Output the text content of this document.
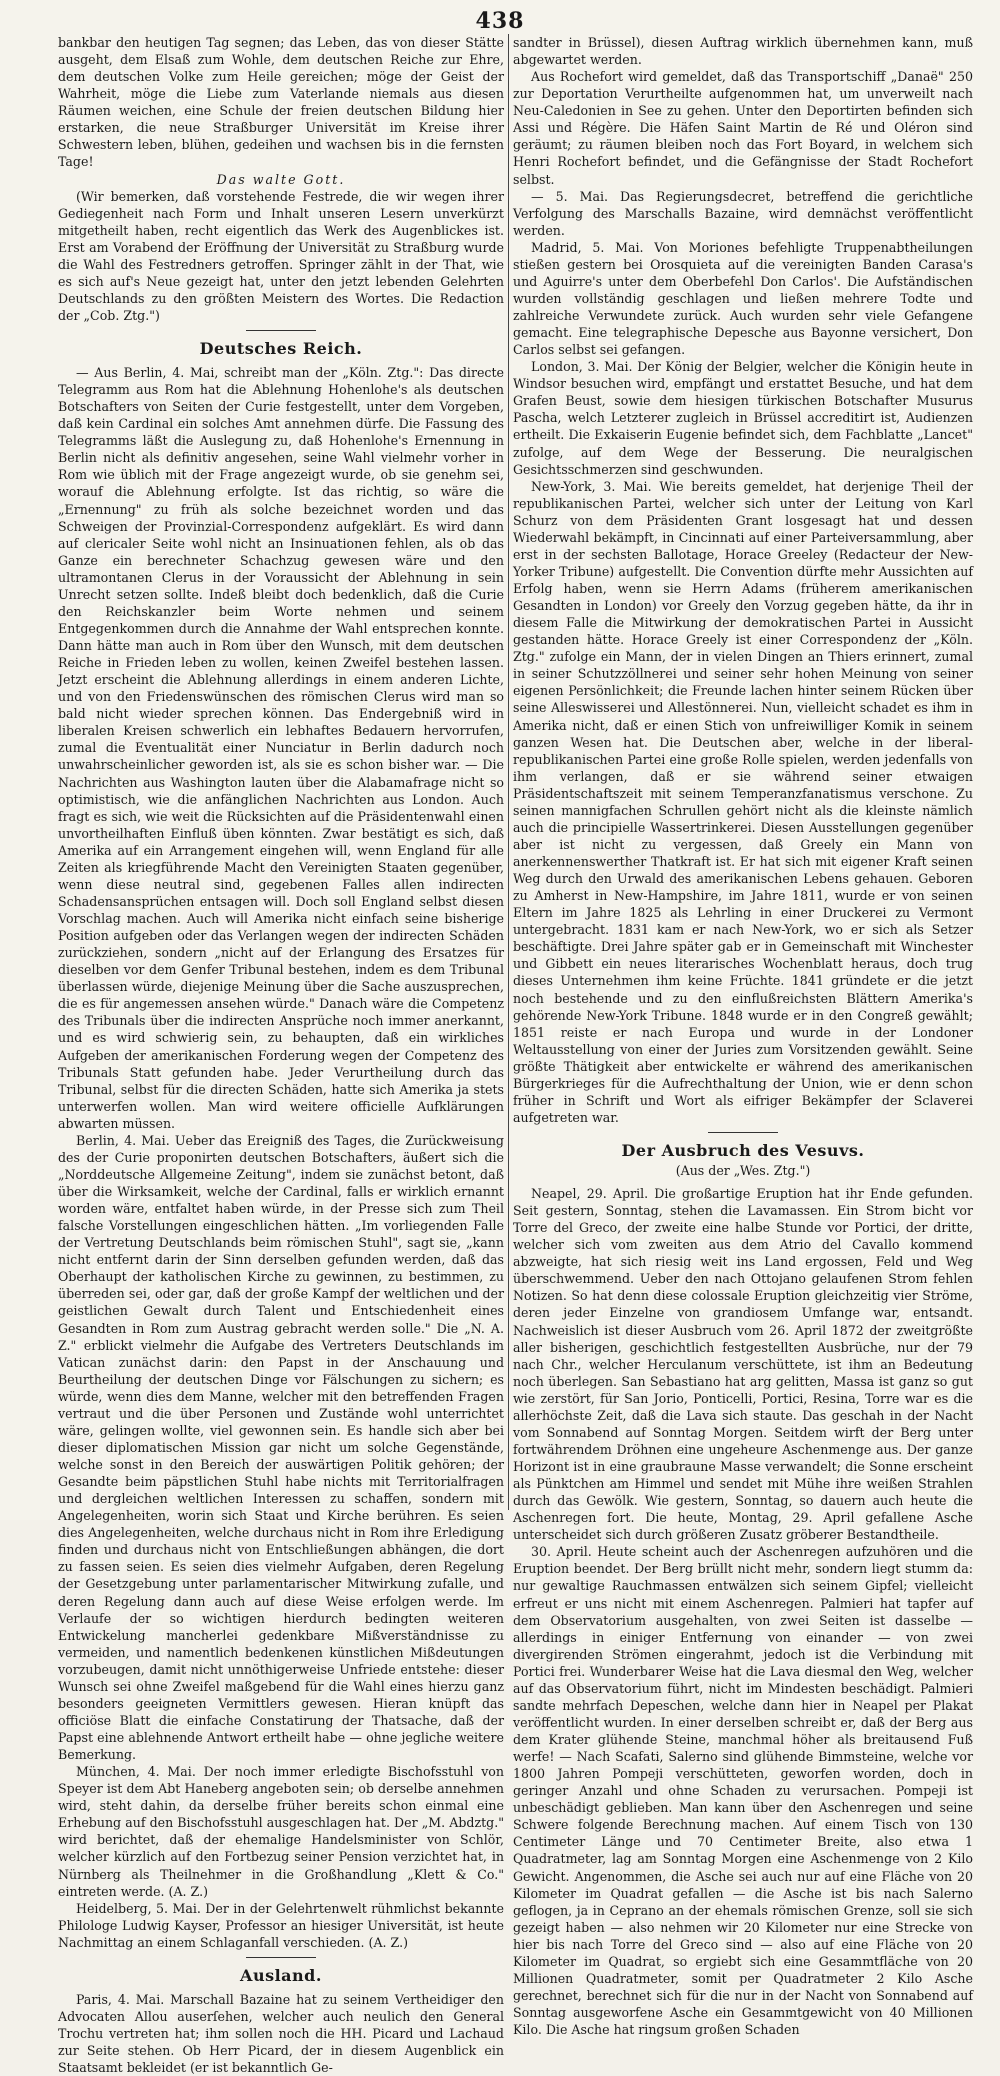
438

bankbar den heutigen Tag segnen; das Leben, das von dieser Stätte ausgeht, dem Elsaß zum Wohle, dem deutschen Reiche zur Ehre, dem deutschen Volke zum Heile gereichen; möge der Geist der Wahrheit, möge die Liebe zum Vaterlande niemals aus diesen Räumen weichen, eine Schule der freien deutschen Bildung hier erstarken, die neue Straßburger Universität im Kreise ihrer Schwestern leben, blühen, gedeihen und wachsen bis in die fernsten Tage!

Das walte Gott.

(Wir bemerken, daß vorstehende Festrede, die wir wegen ihrer Gediegenheit nach Form und Inhalt unseren Lesern unverkürzt mitgetheilt haben, recht eigentlich das Werk des Augenblickes ist. Erst am Vorabend der Eröffnung der Universität zu Straßburg wurde die Wahl des Festredners getroffen. Springer zählt in der That, wie es sich auf's Neue gezeigt hat, unter den jetzt lebenden Gelehrten Deutschlands zu den größten Meistern des Wortes. Die Redaction der „Cob. Ztg.")

Deutsches Reich.

— Aus Berlin, 4. Mai, schreibt man der „Köln. Ztg.": Das directe Telegramm aus Rom hat die Ablehnung Hohenlohe's als deutschen Botschafters von Seiten der Curie festgestellt, unter dem Vorgeben, daß kein Cardinal ein solches Amt annehmen dürfe. Die Fassung des Telegramms läßt die Auslegung zu, daß Hohenlohe's Ernennung in Berlin nicht als definitiv angesehen, seine Wahl vielmehr vorher in Rom wie üblich mit der Frage angezeigt wurde, ob sie genehm sei, worauf die Ablehnung erfolgte. Ist das richtig, so wäre die „Ernennung" zu früh als solche bezeichnet worden und das Schweigen der Provinzial-Correspondenz aufgeklärt. Es wird dann auf clericaler Seite wohl nicht an Insinuationen fehlen, als ob das Ganze ein berechneter Schachzug gewesen wäre und den ultramontanen Clerus in der Voraussicht der Ablehnung in sein Unrecht setzen sollte. Indeß bleibt doch bedenklich, daß die Curie den Reichskanzler beim Worte nehmen und seinem Entgegenkommen durch die Annahme der Wahl entsprechen konnte. Dann hätte man auch in Rom über den Wunsch, mit dem deutschen Reiche in Frieden leben zu wollen, keinen Zweifel bestehen lassen. Jetzt erscheint die Ablehnung allerdings in einem anderen Lichte, und von den Friedenswünschen des römischen Clerus wird man so bald nicht wieder sprechen können. Das Endergebniß wird in liberalen Kreisen schwerlich ein lebhaftes Bedauern hervorrufen, zumal die Eventualität einer Nunciatur in Berlin dadurch noch unwahrscheinlicher geworden ist, als sie es schon bisher war. — Die Nachrichten aus Washington lauten über die Alabamafrage nicht so optimistisch, wie die anfänglichen Nachrichten aus London. Auch fragt es sich, wie weit die Rücksichten auf die Präsidentenwahl einen unvortheilhaften Einfluß üben könnten. Zwar bestätigt es sich, daß Amerika auf ein Arrangement eingehen will, wenn England für alle Zeiten als kriegführende Macht den Vereinigten Staaten gegenüber, wenn diese neutral sind, gegebenen Falles allen indirecten Schadensansprüchen entsagen will. Doch soll England selbst diesen Vorschlag machen. Auch will Amerika nicht einfach seine bisherige Position aufgeben oder das Verlangen wegen der indirecten Schäden zurückziehen, sondern „nicht auf der Erlangung des Ersatzes für dieselben vor dem Genfer Tribunal bestehen, indem es dem Tribunal überlassen würde, diejenige Meinung über die Sache auszusprechen, die es für angemessen ansehen würde." Danach wäre die Competenz des Tribunals über die indirecten Ansprüche noch immer anerkannt, und es wird schwierig sein, zu behaupten, daß ein wirkliches Aufgeben der amerikanischen Forderung wegen der Competenz des Tribunals Statt gefunden habe. Jeder Verurtheilung durch das Tribunal, selbst für die directen Schäden, hatte sich Amerika ja stets unterwerfen wollen. Man wird weitere officielle Aufklärungen abwarten müssen.

Berlin, 4. Mai. Ueber das Ereigniß des Tages, die Zurückweisung des der Curie proponirten deutschen Botschafters, äußert sich die „Norddeutsche Allgemeine Zeitung", indem sie zunächst betont, daß über die Wirksamkeit, welche der Cardinal, falls er wirklich ernannt worden wäre, entfaltet haben würde, in der Presse sich zum Theil falsche Vorstellungen eingeschlichen hätten. „Im vorliegenden Falle der Vertretung Deutschlands beim römischen Stuhl", sagt sie, „kann nicht entfernt darin der Sinn derselben gefunden werden, daß das Oberhaupt der katholischen Kirche zu gewinnen, zu bestimmen, zu überreden sei, oder gar, daß der große Kampf der weltlichen und der geistlichen Gewalt durch Talent und Entschiedenheit eines Gesandten in Rom zum Austrag gebracht werden solle." Die „N. A. Z." erblickt vielmehr die Aufgabe des Vertreters Deutschlands im Vatican zunächst darin: den Papst in der Anschauung und Beurtheilung der deutschen Dinge vor Fälschungen zu sichern; es würde, wenn dies dem Manne, welcher mit den betreffenden Fragen vertraut und die über Personen und Zustände wohl unterrichtet wäre, gelingen wollte, viel gewonnen sein. Es handle sich aber bei dieser diplomatischen Mission gar nicht um solche Gegenstände, welche sonst in den Bereich der auswärtigen Politik gehören; der Gesandte beim päpstlichen Stuhl habe nichts mit Territorialfragen und dergleichen weltlichen Interessen zu schaffen, sondern mit Angelegenheiten, worin sich Staat und Kirche berühren. Es seien dies Angelegenheiten, welche durchaus nicht in Rom ihre Erledigung finden und durchaus nicht von Entschließungen abhängen, die dort zu fassen seien. Es seien dies vielmehr Aufgaben, deren Regelung der Gesetzgebung unter parlamentarischer Mitwirkung zufalle, und deren Regelung dann auch auf diese Weise erfolgen werde. Im Verlaufe der so wichtigen hierdurch bedingten weiteren Entwickelung mancherlei gedenkbare Mißverständnisse zu vermeiden, und namentlich bedenkenen künstlichen Mißdeutungen vorzubeugen, damit nicht unnöthigerweise Unfriede entstehe: dieser Wunsch sei ohne Zweifel maßgebend für die Wahl eines hierzu ganz besonders geeigneten Vermittlers gewesen. Hieran knüpft das officiöse Blatt die einfache Constatirung der Thatsache, daß der Papst eine ablehnende Antwort ertheilt habe — ohne jegliche weitere Bemerkung.

München, 4. Mai. Der noch immer erledigte Bischofsstuhl von Speyer ist dem Abt Haneberg angeboten sein; ob derselbe annehmen wird, steht dahin, da derselbe früher bereits schon einmal eine Erhebung auf den Bischofsstuhl ausgeschlagen hat. Der „M. Abdztg." wird berichtet, daß der ehemalige Handelsminister von Schlör, welcher kürzlich auf den Fortbezug seiner Pension verzichtet hat, in Nürnberg als Theilnehmer in die Großhandlung „Klett & Co." eintreten werde. (A. Z.)

Heidelberg, 5. Mai. Der in der Gelehrtenwelt rühmlichst bekannte Philologe Ludwig Kayser, Professor an hiesiger Universität, ist heute Nachmittag an einem Schlaganfall verschieden. (A. Z.)

Ausland.

Paris, 4. Mai. Marschall Bazaine hat zu seinem Vertheidiger den Advocaten Allou auserſehen, welcher auch neulich den General Trochu vertreten hat; ihm sollen noch die HH. Picard und Lachaud zur Seite stehen. Ob Herr Picard, der in diesem Augenblick ein Staatsamt bekleidet (er ist bekanntlich Ge-

sandter in Brüssel), diesen Auftrag wirklich übernehmen kann, muß abgewartet werden.

Aus Rochefort wird gemeldet, daß das Transportschiff „Danaë" 250 zur Deportation Verurtheilte aufgenommen hat, um unverweilt nach Neu-Caledonien in See zu gehen. Unter den Deportirten befinden sich Assi und Régère. Die Häfen Saint Martin de Ré und Oléron sind geräumt; zu räumen bleiben noch das Fort Boyard, in welchem sich Henri Rochefort befindet, und die Gefängnisse der Stadt Rochefort selbst.

— 5. Mai. Das Regierungsdecret, betreffend die gerichtliche Verfolgung des Marschalls Bazaine, wird demnächst veröffentlicht werden.

Madrid, 5. Mai. Von Moriones befehligte Truppenabtheilungen stießen gestern bei Orosquieta auf die vereinigten Banden Carasa's und Aguirre's unter dem Oberbefehl Don Carlos'. Die Aufständischen wurden vollständig geschlagen und ließen mehrere Todte und zahlreiche Verwundete zurück. Auch wurden sehr viele Gefangene gemacht. Eine telegraphische Depesche aus Bayonne versichert, Don Carlos selbst sei gefangen.

London, 3. Mai. Der König der Belgier, welcher die Königin heute in Windsor besuchen wird, empfängt und erstattet Besuche, und hat dem Grafen Beust, sowie dem hiesigen türkischen Botschafter Musurus Pascha, welch Letzterer zugleich in Brüssel accreditirt ist, Audienzen ertheilt. Die Exkaiserin Eugenie befindet sich, dem Fachblatte „Lancet" zufolge, auf dem Wege der Besserung. Die neuralgischen Gesichtsschmerzen sind geschwunden.

New-York, 3. Mai. Wie bereits gemeldet, hat derjenige Theil der republikanischen Partei, welcher sich unter der Leitung von Karl Schurz von dem Präsidenten Grant losgesagt hat und dessen Wiederwahl bekämpft, in Cincinnati auf einer Parteiversammlung, aber erst in der sechsten Ballotage, Horace Greeley (Redacteur der New-Yorker Tribune) aufgestellt. Die Convention dürfte mehr Aussichten auf Erfolg haben, wenn sie Herrn Adams (früherem amerikanischen Gesandten in London) vor Greely den Vorzug gegeben hätte, da ihr in diesem Falle die Mitwirkung der demokratischen Partei in Aussicht gestanden hätte. Horace Greely ist einer Correspondenz der „Köln. Ztg." zufolge ein Mann, der in vielen Dingen an Thiers erinnert, zumal in seiner Schutzzöllnerei und seiner sehr hohen Meinung von seiner eigenen Persönlichkeit; die Freunde lachen hinter seinem Rücken über seine Alleswisserei und Allestönnerei. Nun, vielleicht schadet es ihm in Amerika nicht, daß er einen Stich von unfreiwilliger Komik in seinem ganzen Wesen hat. Die Deutschen aber, welche in der liberal-republikanischen Partei eine große Rolle spielen, werden jedenfalls von ihm verlangen, daß er sie während seiner etwaigen Präsidentschaftszeit mit seinem Temperanzfanatismus verschone. Zu seinen mannigfachen Schrullen gehört nicht als die kleinste nämlich auch die principielle Wassertrinkerei. Diesen Ausstellungen gegenüber aber ist nicht zu vergessen, daß Greely ein Mann von anerkennenswerther Thatkraft ist. Er hat sich mit eigener Kraft seinen Weg durch den Urwald des amerikanischen Lebens gehauen. Geboren zu Amherst in New-Hampshire, im Jahre 1811, wurde er von seinen Eltern im Jahre 1825 als Lehrling in einer Druckerei zu Vermont untergebracht. 1831 kam er nach New-York, wo er sich als Setzer beschäftigte. Drei Jahre später gab er in Gemeinschaft mit Winchester und Gibbett ein neues literarisches Wochenblatt heraus, doch trug dieses Unternehmen ihm keine Früchte. 1841 gründete er die jetzt noch bestehende und zu den einflußreichsten Blättern Amerika's gehörende New-York Tribune. 1848 wurde er in den Congreß gewählt; 1851 reiste er nach Europa und wurde in der Londoner Weltausstellung von einer der Juries zum Vorsitzenden gewählt. Seine größte Thätigkeit aber entwickelte er während des amerikanischen Bürgerkrieges für die Aufrechthaltung der Union, wie er denn schon früher in Schrift und Wort als eifriger Bekämpfer der Sclaverei aufgetreten war.

Der Ausbruch des Vesuvs.
(Aus der „Wes. Ztg.")

Neapel, 29. April. Die großartige Eruption hat ihr Ende gefunden. Seit gestern, Sonntag, stehen die Lavamassen. Ein Strom bicht vor Torre del Greco, der zweite eine halbe Stunde vor Portici, der dritte, welcher sich vom zweiten aus dem Atrio del Cavallo kommend abzweigte, hat sich riesig weit ins Land ergossen, Feld und Weg überschwemmend. Ueber den nach Ottojano gelaufenen Strom fehlen Notizen. So hat denn diese colossale Eruption gleichzeitig vier Ströme, deren jeder Einzelne von grandiosem Umfange war, entsandt. Nachweislich ist dieser Ausbruch vom 26. April 1872 der zweitgrößte aller bisherigen, geschichtlich festgestellten Ausbrüche, nur der 79 nach Chr., welcher Herculanum verschüttete, ist ihm an Bedeutung noch überlegen. San Sebastiano hat arg gelitten, Massa ist ganz so gut wie zerstört, für San Jorio, Ponticelli, Portici, Resina, Torre war es die allerhöchste Zeit, daß die Lava sich staute. Das geschah in der Nacht vom Sonnabend auf Sonntag Morgen. Seitdem wirft der Berg unter fortwährendem Dröhnen eine ungeheure Aschenmenge aus. Der ganze Horizont ist in eine graubraune Masse verwandelt; die Sonne erscheint als Pünktchen am Himmel und sendet mit Mühe ihre weißen Strahlen durch das Gewölk. Wie gestern, Sonntag, so dauern auch heute die Aschenregen fort. Die heute, Montag, 29. April gefallene Asche unterscheidet sich durch größeren Zusatz gröberer Bestandtheile.

30. April. Heute scheint auch der Aschenregen aufzuhören und die Eruption beendet. Der Berg brüllt nicht mehr, sondern liegt stumm da: nur gewaltige Rauchmassen entwälzen sich seinem Gipfel; vielleicht erfreut er uns nicht mit einem Aschenregen. Palmieri hat tapfer auf dem Observatorium ausgehalten, von zwei Seiten ist dasselbe — allerdings in einiger Entfernung von einander — von zwei divergirenden Strömen eingerahmt, jedoch ist die Verbindung mit Portici frei. Wunderbarer Weise hat die Lava diesmal den Weg, welcher auf das Observatorium führt, nicht im Mindesten beschädigt. Palmieri sandte mehrfach Depeschen, welche dann hier in Neapel per Plakat veröffentlicht wurden. In einer derselben schreibt er, daß der Berg aus dem Krater glühende Steine, manchmal höher als breitausend Fuß werfe! — Nach Scafati, Salerno sind glühende Bimmsteine, welche vor 1800 Jahren Pompeji verschütteten, geworfen worden, doch in geringer Anzahl und ohne Schaden zu verursachen. Pompeji ist unbeschädigt geblieben. Man kann über den Aschenregen und seine Schwere folgende Berechnung machen. Auf einem Tisch von 130 Centimeter Länge und 70 Centimeter Breite, also etwa 1 Quadratmeter, lag am Sonntag Morgen eine Aschenmenge von 2 Kilo Gewicht. Angenommen, die Asche sei auch nur auf eine Fläche von 20 Kilometer im Quadrat gefallen — die Asche ist bis nach Salerno geflogen, ja in Ceprano an der ehemals römischen Grenze, soll sie sich gezeigt haben — also nehmen wir 20 Kilometer nur eine Strecke von hier bis nach Torre del Greco sind — also auf eine Fläche von 20 Kilometer im Quadrat, so ergiebt sich eine Gesammtfläche von 20 Millionen Quadratmeter, somit per Quadratmeter 2 Kilo Asche gerechnet, berechnet sich für die nur in der Nacht von Sonnabend auf Sonntag ausgeworfene Asche ein Gesammtgewicht von 40 Millionen Kilo. Die Asche hat ringsum großen Schaden
